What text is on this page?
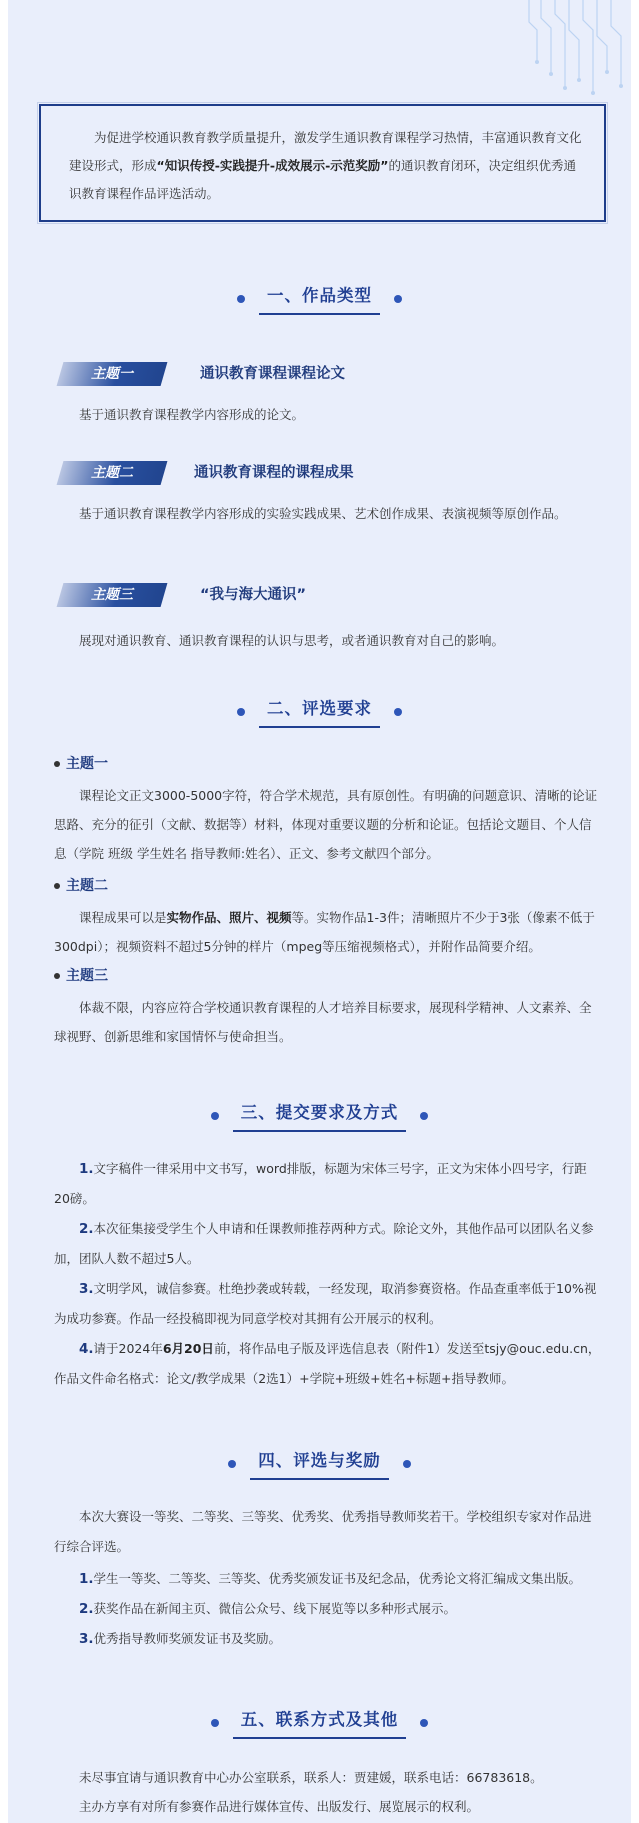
为促进学校通识教育教学质量提升，激发学生通识教育课程学习热情，丰富通识教育文化建设形式，形成“知识传授-实践提升-成效展示-示范奖励”的通识教育闭环，决定组织优秀通识教育课程作品评选活动。

一、作品类型
主题一	通识教育课程课程论文
基于通识教育课程教学内容形成的论文。
主题二	通识教育课程的课程成果
基于通识教育课程教学内容形成的实验实践成果、艺术创作成果、表演视频等原创作品。
主题三	“我与海大通识”
展现对通识教育、通识教育课程的认识与思考，或者通识教育对自己的影响。
二、评选要求
主题一
课程论文正文3000-5000字符，符合学术规范，具有原创性。有明确的问题意识、清晰的论证思路、充分的征引（文献、数据等）材料，体现对重要议题的分析和论证。包括论文题目、个人信息（学院 班级 学生姓名 指导教师:姓名）、正文、参考文献四个部分。
主题二
课程成果可以是实物作品、照片、视频等。实物作品1-3件；清晰照片不少于3张（像素不低于300dpi）；视频资料不超过5分钟的样片（mpeg等压缩视频格式），并附作品简要介绍。
主题三
体裁不限，内容应符合学校通识教育课程的人才培养目标要求，展现科学精神、人文素养、全球视野、创新思维和家国情怀与使命担当。
三、提交要求及方式
1.文字稿件一律采用中文书写，word排版，标题为宋体三号字，正文为宋体小四号字，行距20磅。
2.本次征集接受学生个人申请和任课教师推荐两种方式。除论文外，其他作品可以团队名义参加，团队人数不超过5人。
3.文明学风，诚信参赛。杜绝抄袭或转载，一经发现，取消参赛资格。作品查重率低于10%视为成功参赛。作品一经投稿即视为同意学校对其拥有公开展示的权利。
4.请于2024年6月20日前，将作品电子版及评选信息表（附件1）发送至tsjy@ouc.edu.cn，作品文件命名格式：论文/教学成果（2选1）+学院+班级+姓名+标题+指导教师。
四、评选与奖励
本次大赛设一等奖、二等奖、三等奖、优秀奖、优秀指导教师奖若干。学校组织专家对作品进行综合评选。
1.学生一等奖、二等奖、三等奖、优秀奖颁发证书及纪念品，优秀论文将汇编成文集出版。
2.获奖作品在新闻主页、微信公众号、线下展览等以多种形式展示。
3.优秀指导教师奖颁发证书及奖励。
五、联系方式及其他
未尽事宜请与通识教育中心办公室联系，联系人：贾建媛，联系电话：66783618。
主办方享有对所有参赛作品进行媒体宣传、出版发行、展览展示的权利。
